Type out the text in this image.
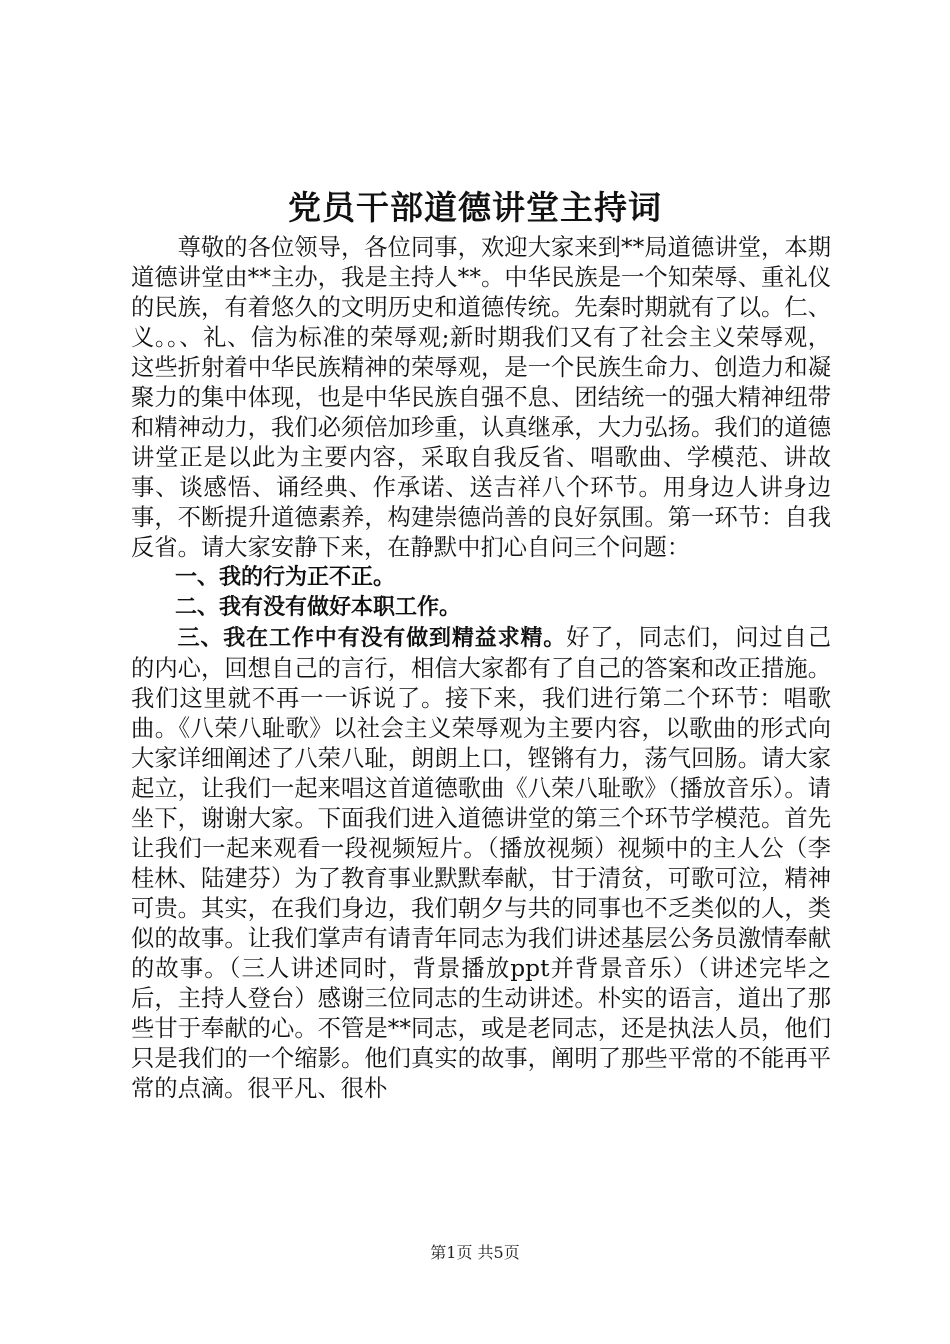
党员干部道德讲堂主持词

尊敬的各位领导，各位同事，欢迎大家来到**局道德讲堂，本期道德讲堂由**主办，我是主持人**。中华民族是一个知荣辱、重礼仪的民族，有着悠久的文明历史和道德传统。先秦时期就有了以。仁、义。。、礼、信为标准的荣辱观;新时期我们又有了社会主义荣辱观，这些折射着中华民族精神的荣辱观，是一个民族生命力、创造力和凝聚力的集中体现，也是中华民族自强不息、团结统一的强大精神纽带和精神动力，我们必须倍加珍重，认真继承，大力弘扬。我们的道德讲堂正是以此为主要内容，采取自我反省、唱歌曲、学模范、讲故事、谈感悟、诵经典、作承诺、送吉祥八个环节。用身边人讲身边事，不断提升道德素养，构建崇德尚善的良好氛围。第一环节：自我反省。请大家安静下来，在静默中扪心自问三个问题：

一、我的行为正不正。

二、我有没有做好本职工作。

三、我在工作中有没有做到精益求精。好了，同志们，问过自己的内心，回想自己的言行，相信大家都有了自己的答案和改正措施。我们这里就不再一一诉说了。接下来，我们进行第二个环节：唱歌曲。《八荣八耻歌》以社会主义荣辱观为主要内容，以歌曲的形式向大家详细阐述了八荣八耻，朗朗上口，铿锵有力，荡气回肠。请大家起立，让我们一起来唱这首道德歌曲《八荣八耻歌》（播放音乐）。请坐下，谢谢大家。下面我们进入道德讲堂的第三个环节学模范。首先让我们一起来观看一段视频短片。（播放视频）视频中的主人公（李桂林、陆建芬）为了教育事业默默奉献，甘于清贫，可歌可泣，精神可贵。其实，在我们身边，我们朝夕与共的同事也不乏类似的人，类似的故事。让我们掌声有请青年同志为我们讲述基层公务员激情奉献的故事。（三人讲述同时，背景播放ppt并背景音乐）（讲述完毕之后，主持人登台）感谢三位同志的生动讲述。朴实的语言，道出了那些甘于奉献的心。不管是**同志，或是老同志，还是执法人员，他们只是我们的一个缩影。他们真实的故事，阐明了那些平常的不能再平常的点滴。很平凡、很朴

第1页 共5页
